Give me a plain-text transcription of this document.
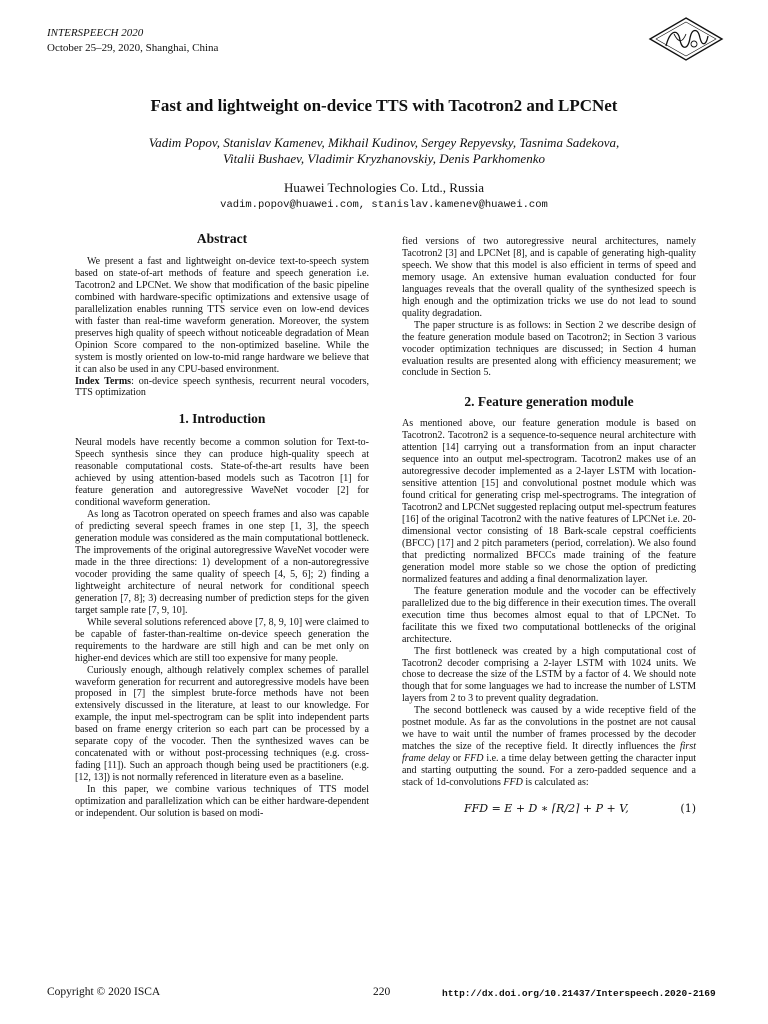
INTERSPEECH 2020
October 25–29, 2020, Shanghai, China
Fast and lightweight on-device TTS with Tacotron2 and LPCNet
Vadim Popov, Stanislav Kamenev, Mikhail Kudinov, Sergey Repyevsky, Tasnima Sadekova,
Vitalii Bushaev, Vladimir Kryzhanovskiy, Denis Parkhomenko
Huawei Technologies Co. Ltd., Russia
vadim.popov@huawei.com, stanislav.kamenev@huawei.com
Abstract

We present a fast and lightweight on-device text-to-speech system based on state-of-art methods of feature and speech generation i.e. Tacotron2 and LPCNet. We show that modification of the basic pipeline combined with hardware-specific optimizations and extensive usage of parallelization enables running TTS service even on low-end devices with faster than real-time waveform generation. Moreover, the system preserves high quality of speech without noticeable degradation of Mean Opinion Score compared to the non-optimized baseline. While the system is mostly oriented on low-to-mid range hardware we believe that it can also be used in any CPU-based environment.

Index Terms: on-device speech synthesis, recurrent neural vocoders, TTS optimization

1. Introduction

Neural models have recently become a common solution for Text-to-Speech synthesis since they can produce high-quality speech at reasonable computational costs. State-of-the-art results have been achieved by using attention-based models such as Tacotron [1] for feature generation and autoregressive WaveNet vocoder [2] for conditional waveform generation.

As long as Tacotron operated on speech frames and also was capable of predicting several speech frames in one step [1, 3], the speech generation module was considered as the main computational bottleneck. The improvements of the original autoregressive WaveNet vocoder were made in the three directions: 1) development of a non-autoregressive vocoder providing the same quality of speech [4, 5, 6]; 2) finding a lightweight architecture of neural network for conditional speech generation [7, 8]; 3) decreasing number of prediction steps for the given target sample rate [7, 9, 10].

While several solutions referenced above [7, 8, 9, 10] were claimed to be capable of faster-than-realtime on-device speech generation the requirements to the hardware are still high and can be met only on higher-end devices which are still too expensive for many people.

Curiously enough, although relatively complex schemes of parallel waveform generation for recurrent and autoregressive models have been proposed in [7] the simplest brute-force methods have not been extensively discussed in the literature, at least to our knowledge. For example, the input mel-spectrogram can be split into independent parts based on frame energy criterion so each part can be processed by a separate copy of the vocoder. Then the synthesized waves can be concatenated with or without post-processing techniques (e.g. cross-fading [11]). Such an approach though being used be practitioners (e.g. [12, 13]) is not normally referenced in literature even as a baseline.

In this paper, we combine various techniques of TTS model optimization and parallelization which can be either hardware-dependent or independent. Our solution is based on modi-

fied versions of two autoregressive neural architectures, namely Tacotron2 [3] and LPCNet [8], and is capable of generating high-quality speech. We show that this model is also efficient in terms of speed and memory usage. An extensive human evaluation conducted for four languages reveals that the overall quality of the synthesized speech is high enough and the optimization tricks we use do not lead to sound quality degradation.

The paper structure is as follows: in Section 2 we describe design of the feature generation module based on Tacotron2; in Section 3 various vocoder optimization techniques are discussed; in Section 4 human evaluation results are presented along with efficiency measurement; we conclude in Section 5.

2. Feature generation module

As mentioned above, our feature generation module is based on Tacotron2. Tacotron2 is a sequence-to-sequence neural architecture with attention [14] carrying out a transformation from an input character sequence into an output mel-spectrogram. Tacotron2 makes use of an autoregressive decoder implemented as a 2-layer LSTM with location-sensitive attention [15] and convolutional postnet module which was found critical for generating crisp mel-spectrograms. The integration of Tacotron2 and LPCNet suggested replacing output mel-spectrum features [16] of the original Tacotron2 with the native features of LPCNet i.e. 20-dimensional vector consisting of 18 Bark-scale cepstral coefficients (BFCC) [17] and 2 pitch parameters (period, correlation). We also found that predicting normalized BFCCs made training of the feature generation model more stable so we chose the option of predicting normalized features and adding a final denormalization layer.

The feature generation module and the vocoder can be effectively parallelized due to the big difference in their execution times. The overall execution time thus becomes almost equal to that of LPCNet. To facilitate this we fixed two computational bottlenecks of the original architecture.

The first bottleneck was created by a high computational cost of Tacotron2 decoder comprising a 2-layer LSTM with 1024 units. We chose to decrease the size of the LSTM by a factor of 4. We should note though that for some languages we had to increase the number of LSTM layers from 2 to 3 to prevent quality degradation.

The second bottleneck was caused by a wide receptive field of the postnet module. As far as the convolutions in the postnet are not causal we have to wait until the number of frames processed by the decoder matches the size of the receptive field. It directly influences the first frame delay or FFD i.e. a time delay between getting the character input and starting outputting the sound. For a zero-padded sequence and a stack of 1d-convolutions FFD is calculated as:

FFD = E + D ∗ ⌈R/2⌉ + P + V,	(1)
Copyright © 2020 ISCA	220	http://dx.doi.org/10.21437/Interspeech.2020-2169
